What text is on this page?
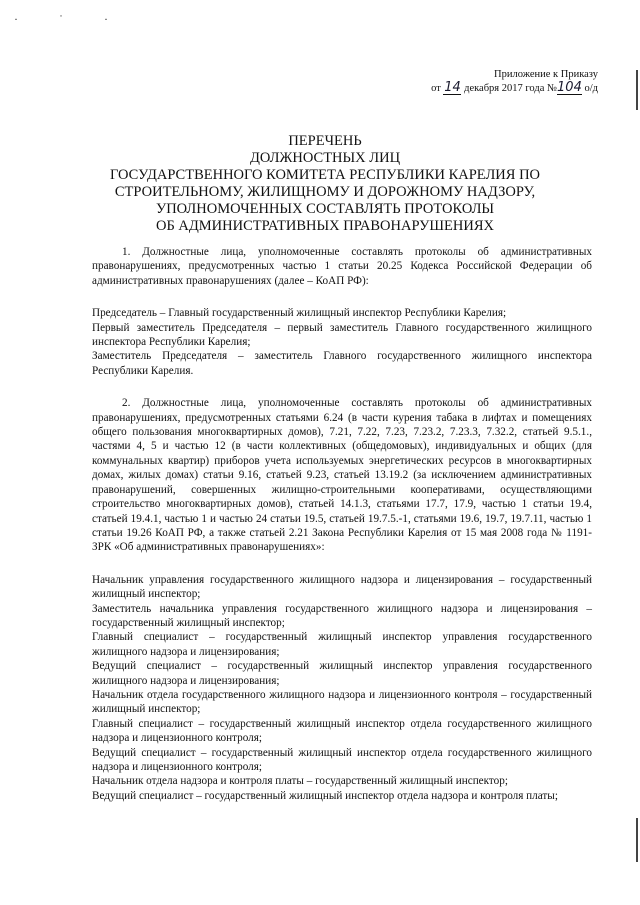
·   ˙   ·
Приложение к Приказу
от 14 декабря 2017 года №104 о/д
ПЕРЕЧЕНЬ
ДОЛЖНОСТНЫХ ЛИЦ
ГОСУДАРСТВЕННОГО КОМИТЕТА РЕСПУБЛИКИ КАРЕЛИЯ ПО
СТРОИТЕЛЬНОМУ, ЖИЛИЩНОМУ И ДОРОЖНОМУ НАДЗОРУ,
УПОЛНОМОЧЕННЫХ СОСТАВЛЯТЬ ПРОТОКОЛЫ
ОБ АДМИНИСТРАТИВНЫХ ПРАВОНАРУШЕНИЯХ

1. Должностные лица, уполномоченные составлять протоколы об административных правонарушениях, предусмотренных частью 1 статьи 20.25 Кодекса Российской Федерации об административных правонарушениях (далее – КоАП РФ):

Председатель – Главный государственный жилищный инспектор Республики Карелия;

Первый заместитель Председателя – первый заместитель Главного государственного жилищного инспектора Республики Карелия;

Заместитель Председателя – заместитель Главного государственного жилищного инспектора Республики Карелия.

2. Должностные лица, уполномоченные составлять протоколы об административных правонарушениях, предусмотренных статьями 6.24 (в части курения табака в лифтах и помещениях общего пользования многоквартирных домов), 7.21, 7.22, 7.23, 7.23.2, 7.23.3, 7.32.2, статьей 9.5.1., частями 4, 5 и частью 12 (в части коллективных (общедомовых), индивидуальных и общих (для коммунальных квартир) приборов учета используемых энергетических ресурсов в многоквартирных домах, жилых домах) статьи 9.16, статьей 9.23, статьей 13.19.2 (за исключением административных правонарушений, совершенных жилищно-строительными кооперативами, осуществляющими строительство многоквартирных домов), статьей 14.1.3, статьями 17.7, 17.9, частью 1 статьи 19.4, статьей 19.4.1, частью 1 и частью 24 статьи 19.5, статьей 19.7.5.-1, статьями 19.6, 19.7, 19.7.11, частью 1 статьи 19.26 КоАП РФ, а также статьей 2.21 Закона Республики Карелия от 15 мая 2008 года № 1191-ЗРК «Об административных правонарушениях»:

Начальник управления государственного жилищного надзора и лицензирования – государственный жилищный инспектор;

Заместитель начальника управления государственного жилищного надзора и лицензирования – государственный жилищный инспектор;

Главный специалист – государственный жилищный инспектор управления государственного жилищного надзора и лицензирования;

Ведущий специалист – государственный жилищный инспектор управления государственного жилищного надзора и лицензирования;

Начальник отдела государственного жилищного надзора и лицензионного контроля – государственный жилищный инспектор;

Главный специалист – государственный жилищный инспектор отдела государственного жилищного надзора и лицензионного контроля;

Ведущий специалист – государственный жилищный инспектор отдела государственного жилищного надзора и лицензионного контроля;

Начальник отдела надзора и контроля платы – государственный жилищный инспектор;

Ведущий специалист – государственный жилищный инспектор отдела надзора и контроля платы;
